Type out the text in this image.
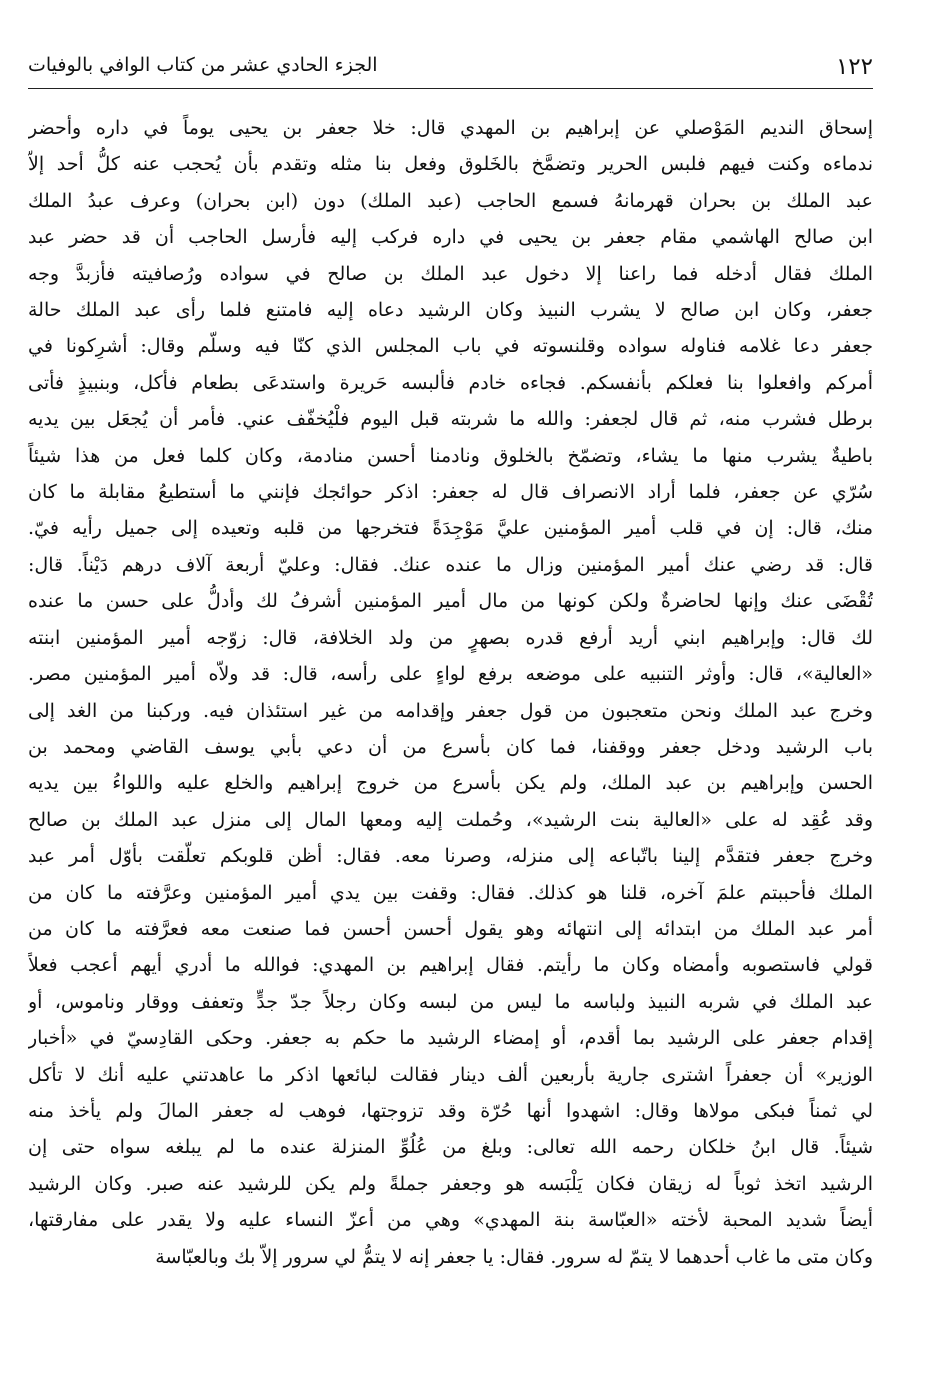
١٢٢
الجزء الحادي عشر من كتاب الوافي بالوفيات
إسحاق النديم المَوْصلي عن إبراهيم بن المهدي قال: خلا جعفر بن يحيى يوماً في داره وأحضر
ندماءه وكنت فيهم فلبس الحرير وتضمَّخ بالخَلوق وفعل بنا مثله وتقدم بأن يُحجب عنه كلُّ أحد إلاّ
عبد الملك بن بحران قهرمانهُ فسمع الحاجب (عبد الملك) دون (ابن بحران) وعرف عبدُ الملك
ابن صالح الهاشمي مقام جعفر بن يحيى في داره فركب إليه فأرسل الحاجب أن قد حضر عبد
الملك فقال أدخله فما راعنا إلا دخول عبد الملك بن صالح في سواده ورُصافيته فأزبدَّ وجه
جعفر، وكان ابن صالح لا يشرب النبيذ وكان الرشيد دعاه إليه فامتنع فلما رأى عبد الملك حالة
جعفر دعا غلامه فناوله سواده وقلنسوته في باب المجلس الذي كنّا فيه وسلّم وقال: أشرِكونا في
أمركم وافعلوا بنا فعلكم بأنفسكم. فجاءه خادم فألبسه حَريرة واستدعَى بطعام فأكل، وبنبيذٍ فأتى
برطل فشرب منه، ثم قال لجعفر: والله ما شربته قبل اليوم فلْيُخفّف عني. فأمر أن يُجعَل بين يديه
باطيةٌ يشرب منها ما يشاء، وتضمّخ بالخلوق ونادمنا أحسن منادمة، وكان كلما فعل من هذا شيئاً
سُرّي عن جعفر، فلما أراد الانصراف قال له جعفر: اذكر حوائجك فإنني ما أستطيعُ مقابلة ما كان
منك، قال: إن في قلب أمير المؤمنين عليَّ مَوْجِدَةً فتخرجها من قلبه وتعيده إلى جميل رأيه فيّ.
قال: قد رضي عنك أمير المؤمنين وزال ما عنده عنك. فقال: وعليّ أربعة آلاف درهم دَيْناً. قال:
تُقْضَى عنك وإنها لحاضرةٌ ولكن كونها من مال أمير المؤمنين أشرفُ لك وأدلُّ على حسن ما عنده
لك قال: وإبراهيم ابني أريد أرفع قدره بصهرٍ من ولد الخلافة، قال: زوّجه أمير المؤمنين ابنته
«العالية»، قال: وأوثر التنبيه على موضعه برفع لواءٍ على رأسه، قال: قد ولاّه أمير المؤمنين مصر.
وخرج عبد الملك ونحن متعجبون من قول جعفر وإقدامه من غير استئذان فيه. وركبنا من الغد إلى
باب الرشيد ودخل جعفر ووقفنا، فما كان بأسرع من أن دعي بأبي يوسف القاضي ومحمد بن
الحسن وإبراهيم بن عبد الملك، ولم يكن بأسرع من خروج إبراهيم والخلع عليه واللواءُ بين يديه
وقد عُقِد له على «العالية بنت الرشيد»، وحُملت إليه ومعها المال إلى منزل عبد الملك بن صالح
وخرج جعفر فتقدَّم إلينا باتّباعه إلى منزله، وصرنا معه. فقال: أظن قلوبكم تعلّقت بأوّل أمر عبد
الملك فأحببتم علمَ آخره، قلنا هو كذلك. فقال: وقفت بين يدي أمير المؤمنين وعرَّفته ما كان من
أمر عبد الملك من ابتدائه إلى انتهائه وهو يقول أحسن أحسن فما صنعت معه فعرَّفته ما كان من
قولي فاستصوبه وأمضاه وكان ما رأيتم. فقال إبراهيم بن المهدي: فوالله ما أدري أيهم أعجب فعلاً
عبد الملك في شربه النبيذ ولباسه ما ليس من لبسه وكان رجلاً جدّ جدٍّ وتعفف ووقار وناموس، أو
إقدام جعفر على الرشيد بما أقدم، أو إمضاء الرشيد ما حكم به جعفر. وحكى القادِسيّ في «أخبار
الوزير» أن جعفراً اشترى جارية بأربعين ألف دينار فقالت لبائعها اذكر ما عاهدتني عليه أنك لا تأكل
لي ثمناً فبكى مولاها وقال: اشهدوا أنها حُرّة وقد تزوجتها، فوهب له جعفر المالَ ولم يأخذ منه
شيئاً. قال ابنُ خلكان رحمه الله تعالى: وبلغ من عُلُوِّ المنزلة عنده ما لم يبلغه سواه حتى إن
الرشيد اتخذ ثوباً له زيقان فكان يَلْبَسه هو وجعفر جملةً ولم يكن للرشيد عنه صبر. وكان الرشيد
أيضاً شديد المحبة لأخته «العبّاسة بنة المهدي» وهي من أعزّ النساء عليه ولا يقدر على مفارقتها،
وكان متى ما غاب أحدهما لا يتمّ له سرور. فقال: يا جعفر إنه لا يتمُّ لي سرور إلاّ بك وبالعبّاسة
